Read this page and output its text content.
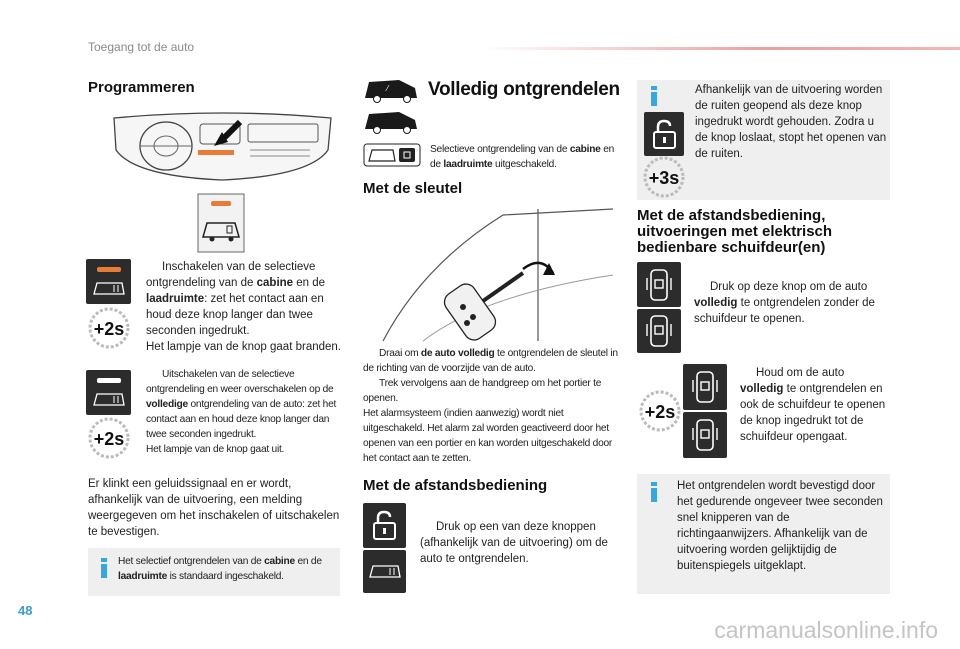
Toegang tot de auto
Programmeren
+2s
Inschakelen van de selectieve ontgrendeling van de cabine en de laadruimte: zet het contact aan en houd deze knop langer dan twee seconden ingedrukt.
Het lampje van de knop gaat branden.
+2s
Uitschakelen van de selectieve ontgrendeling en weer overschakelen op de volledige ontgrendeling van de auto: zet het contact aan en houd deze knop langer dan twee seconden ingedrukt.
Het lampje van de knop gaat uit.
Er klinkt een geluidssignaal en er wordt, afhankelijk van de uitvoering, een melding weergegeven om het inschakelen of uitschakelen te bevestigen.
Het selectief ontgrendelen van de cabine en de laadruimte is standaard ingeschakeld.
⁄ Volledig ontgrendelen
Selectieve ontgrendeling van de cabine en de laadruimte uitgeschakeld.
Met de sleutel
Draai om de auto volledig te ontgrendelen de sleutel in de richting van de voorzijde van de auto.
Trek vervolgens aan de handgreep om het portier te openen.
Het alarmsysteem (indien aanwezig) wordt niet uitgeschakeld. Het alarm zal worden geactiveerd door het openen van een portier en kan worden uitgeschakeld door het contact aan te zetten.
Met de afstandsbediening
Druk op een van deze knoppen (afhankelijk van de uitvoering) om de auto te ontgrendelen.
+3s
Afhankelijk van de uitvoering worden de ruiten geopend als deze knop ingedrukt wordt gehouden. Zodra u de knop loslaat, stopt het openen van de ruiten.
Met de afstandsbediening, uitvoeringen met elektrisch bedienbare schuifdeur(en)
Druk op deze knop om de auto volledig te ontgrendelen zonder de schuifdeur te openen.
+2s
Houd om de auto volledig te ontgrendelen en ook de schuifdeur te openen de knop ingedrukt tot de schuifdeur opengaat.
Het ontgrendelen wordt bevestigd door het gedurende ongeveer twee seconden snel knipperen van de richtingaanwijzers. Afhankelijk van de uitvoering worden gelijktijdig de buitenspiegels uitgeklapt.
48
carmanualsonline.info
